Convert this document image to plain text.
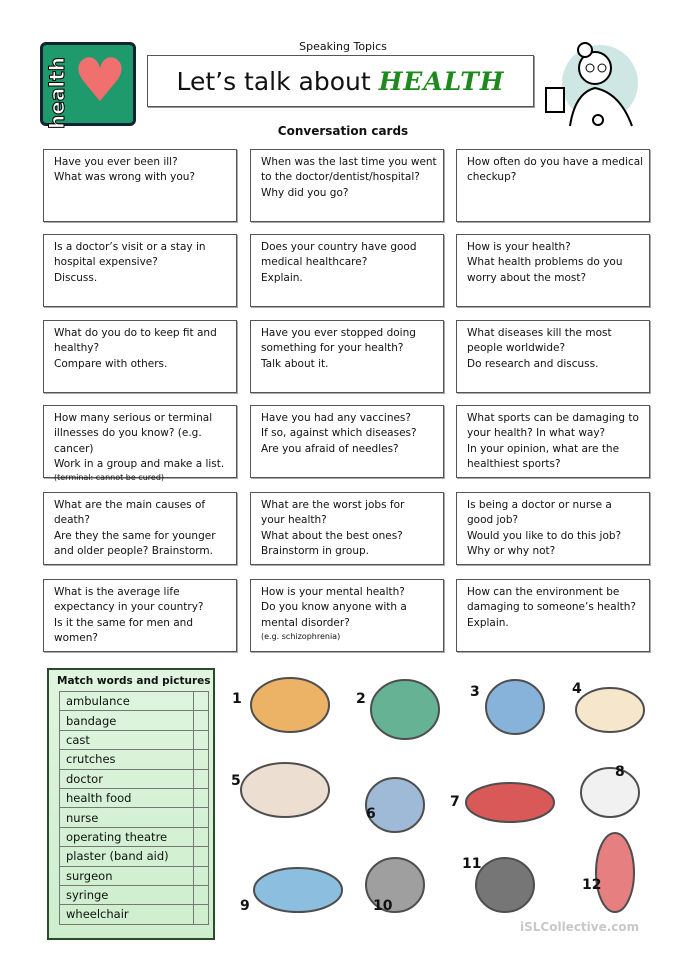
health ♥	Speaking Topics
Let’s talk about HEALTH
Conversation cards
Have you ever been ill?
What was wrong with you?
When was the last time you went
to the doctor/dentist/hospital?
Why did you go?
How often do you have a medical
checkup?
Is a doctor’s visit or a stay in
hospital expensive?
Discuss.
Does your country have good
medical healthcare?
Explain.
How is your health?
What health problems do you
worry about the most?
What do you do to keep fit and
healthy?
Compare with others.
Have you ever stopped doing
something for your health?
Talk about it.
What diseases kill the most
people worldwide?
Do research and discuss.
How many serious or terminal
illnesses do you know? (e.g. cancer)
Work in a group and make a list.
(terminal: cannot be cured)
Have you had any vaccines?
If so, against which diseases?
Are you afraid of needles?
What sports can be damaging to
your health? In what way?
In your opinion, what are the
healthiest sports?
What are the main causes of
death?
Are they the same for younger
and older people? Brainstorm.
What are the worst jobs for
your health?
What about the best ones?
Brainstorm in group.
Is being a doctor or nurse a
good job?
Would you like to do this job?
Why or why not?
What is the average life
expectancy in your country?
Is it the same for men and
women?
How is your mental health?
Do you know anyone with a
mental disorder?
(e.g. schizophrenia)
How can the environment be
damaging to someone’s health?
Explain.
Match words and pictures
ambulance	
bandage	
cast	
crutches	
doctor	
health food	
nurse	
operating theatre	
plaster (band aid)	
surgeon	
syringe	
wheelchair	
1	2	3	4
5
6
7
8
9	10
11
12
iSLCollective.com
